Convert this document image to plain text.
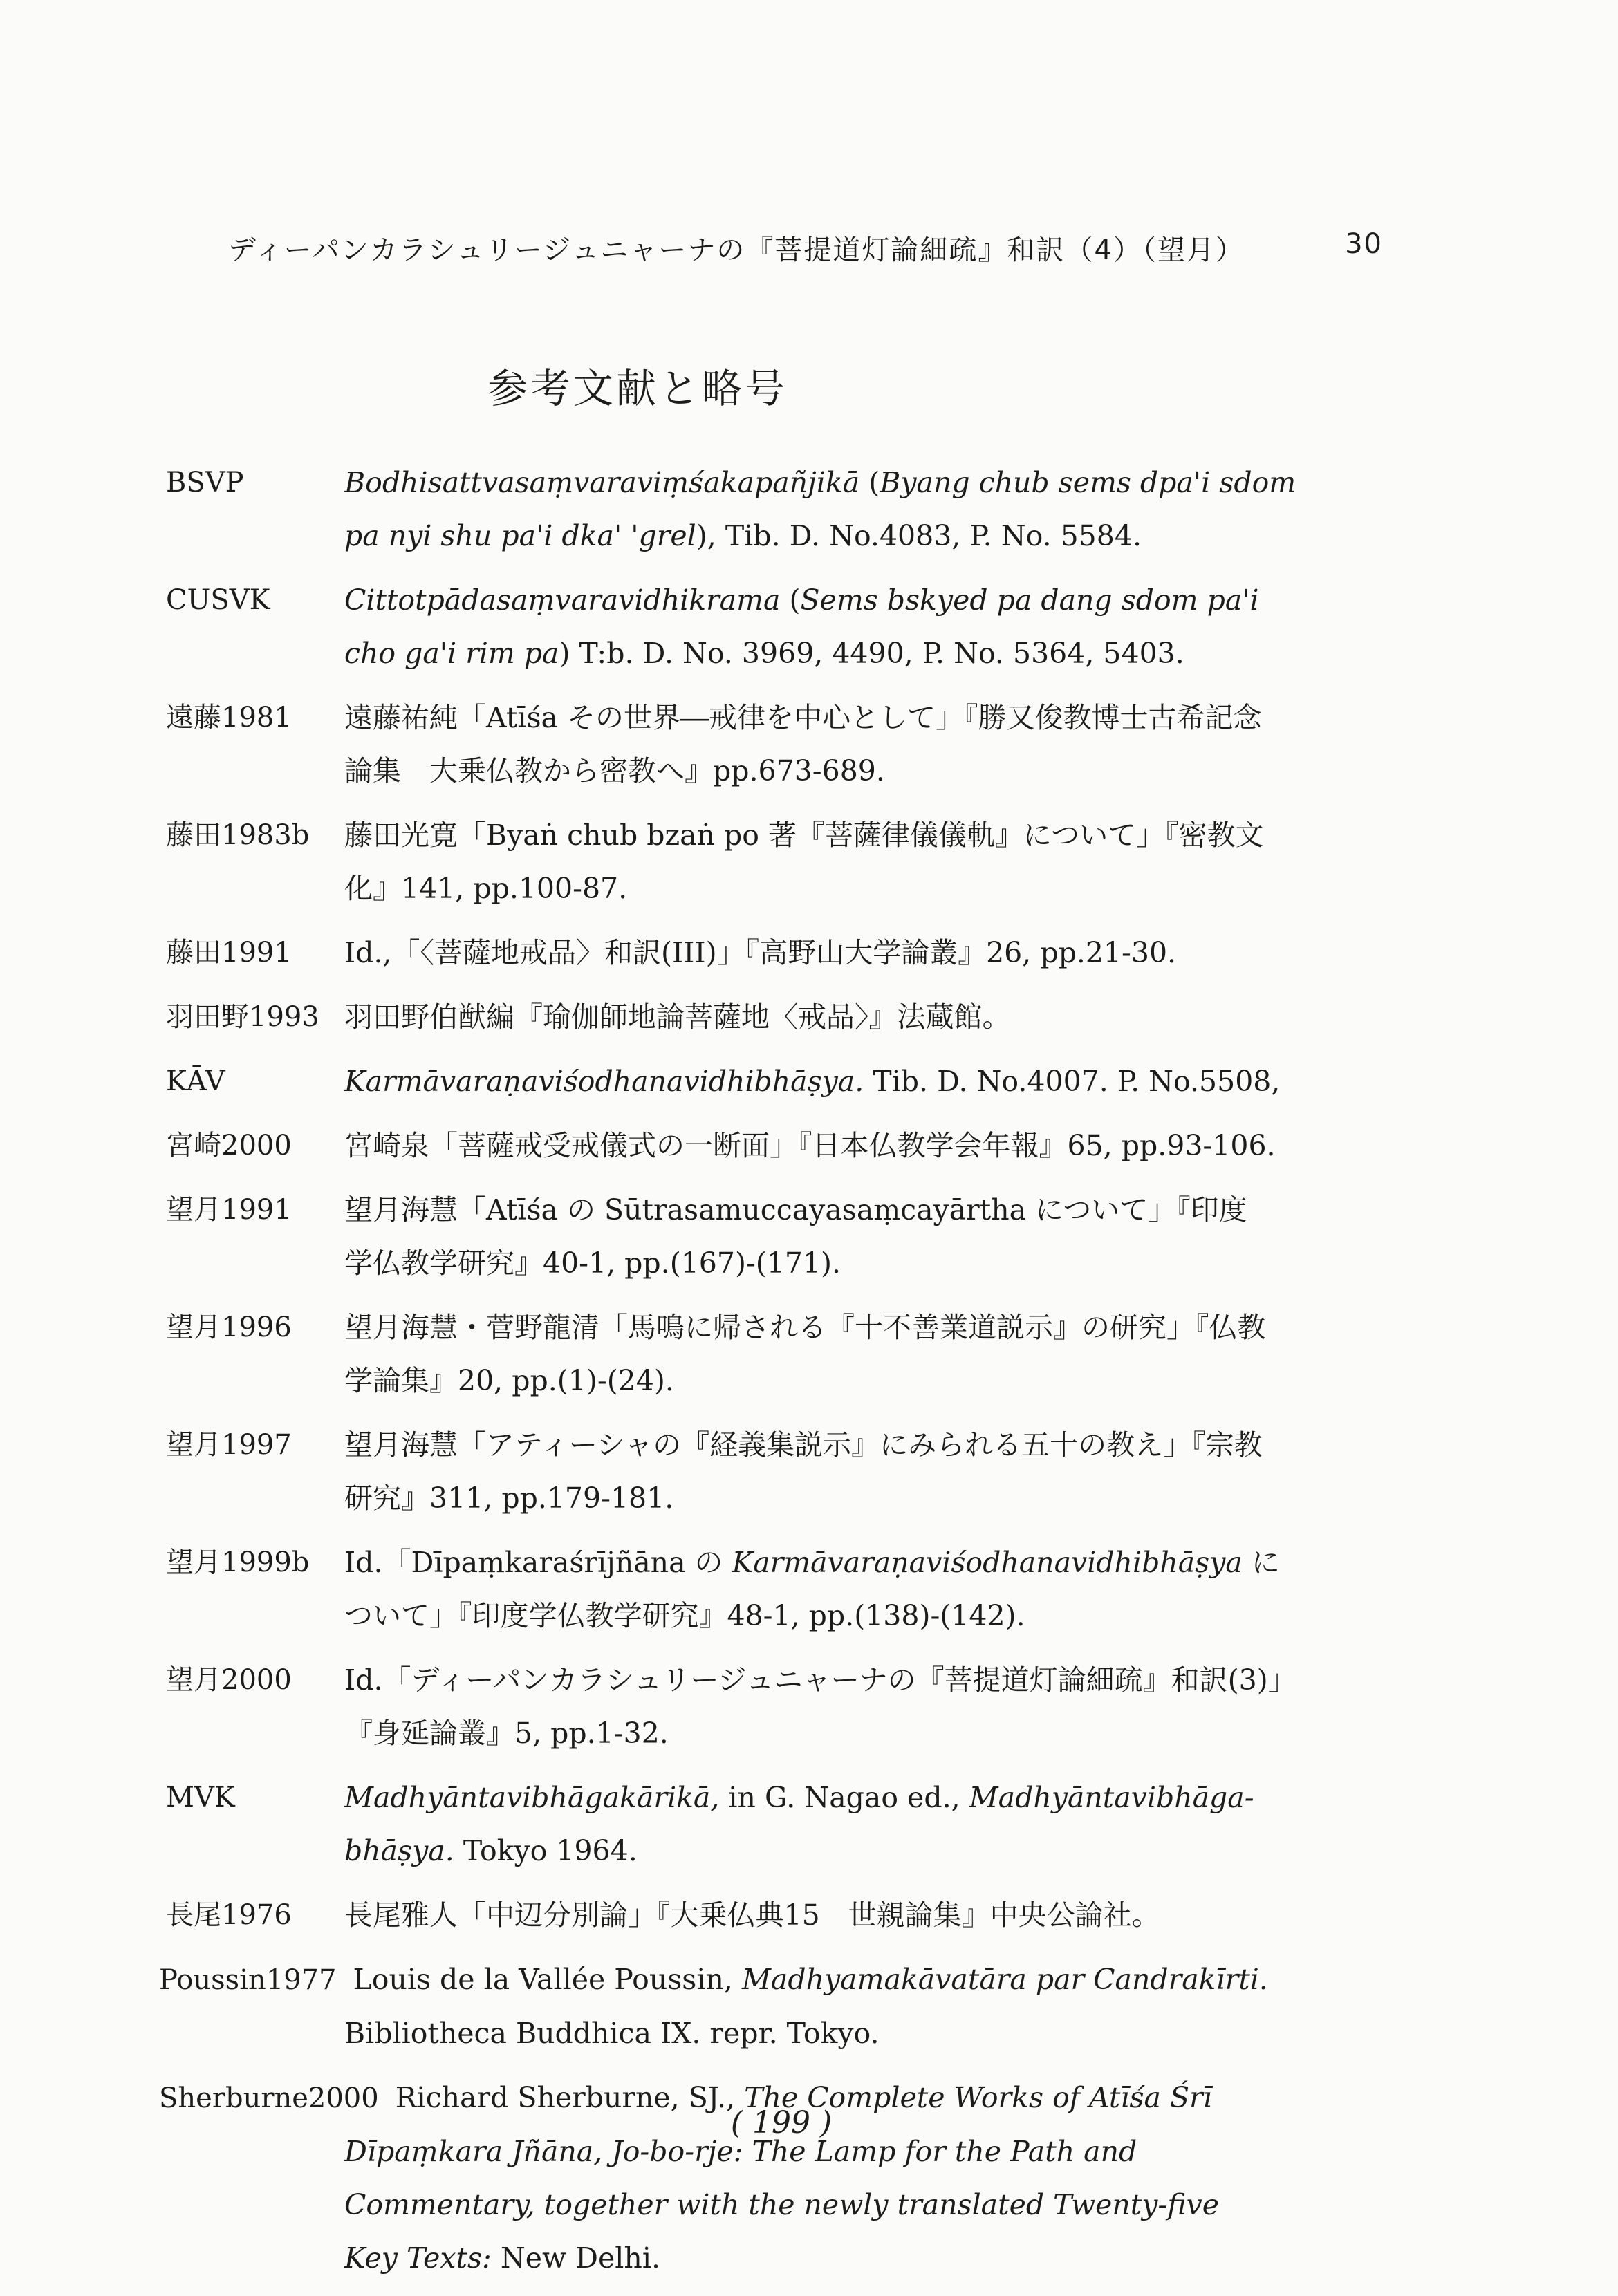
ディーパンカラシュリージュニャーナの『菩提道灯論細疏』和訳（4）（望月）	30
参考文献と略号
BSVP	Bodhisattvasaṃvaraviṃśakapañjikā (Byang chub sems dpa'i sdom
pa nyi shu pa'i dka' 'grel), Tib. D. No.4083, P. No. 5584.
CUSVK	Cittotpādasaṃvaravidhikrama (Sems bskyed pa dang sdom pa'i
cho ga'i rim pa) T:b. D. No. 3969, 4490, P. No. 5364, 5403.
遠藤1981 遠藤祐純「Atīśa その世界―戒律を中心として」『勝又俊教博士古希記念
論集　大乗仏教から密教へ』pp.673-689.
藤田1983b 藤田光寛「Byaṅ chub bzaṅ po 著『菩薩律儀儀軌』について」『密教文
化』141, pp.100-87.
藤田1991 Id.,「〈菩薩地戒品〉和訳(III)」『高野山大学論叢』26, pp.21-30.
羽田野1993 羽田野伯猷編『瑜伽師地論菩薩地〈戒品〉』法蔵館。
KĀV	Karmāvaraṇaviśodhanavidhibhāṣya. Tib. D. No.4007. P. No.5508,
宮崎2000 宮崎泉「菩薩戒受戒儀式の一断面」『日本仏教学会年報』65, pp.93-106.
望月1991 望月海慧「Atīśa の Sūtrasamuccayasaṃcayārtha について」『印度
学仏教学研究』40-1, pp.(167)-(171).
望月1996 望月海慧・菅野龍清「馬鳴に帰される『十不善業道説示』の研究」『仏教
学論集』20, pp.(1)-(24).
望月1997 望月海慧「アティーシャの『経義集説示』にみられる五十の教え」『宗教
研究』311, pp.179-181.
望月1999b Id.「Dīpaṃkaraśrījñāna の Karmāvaraṇaviśodhanavidhibhāṣya に
ついて」『印度学仏教学研究』48-1, pp.(138)-(142).
望月2000 Id.「ディーパンカラシュリージュニャーナの『菩提道灯論細疏』和訳(3)」
『身延論叢』5, pp.1-32.
MVK	Madhyāntavibhāgakārikā, in G. Nagao ed., Madhyāntavibhāga-
bhāṣya. Tokyo 1964.
長尾1976 長尾雅人「中辺分別論」『大乗仏典15　世親論集』中央公論社。
Poussin1977 Louis de la Vallée Poussin, Madhyamakāvatāra par Candrakīrti.
Bibliotheca Buddhica IX. repr. Tokyo.
Sherburne2000 Richard Sherburne, SJ., The Complete Works of Atīśa Śrī
Dīpaṃkara Jñāna, Jo-bo-rje: The Lamp for the Path and
Commentary, together with the newly translated Twenty-five
Key Texts: New Delhi.
( 199 )
